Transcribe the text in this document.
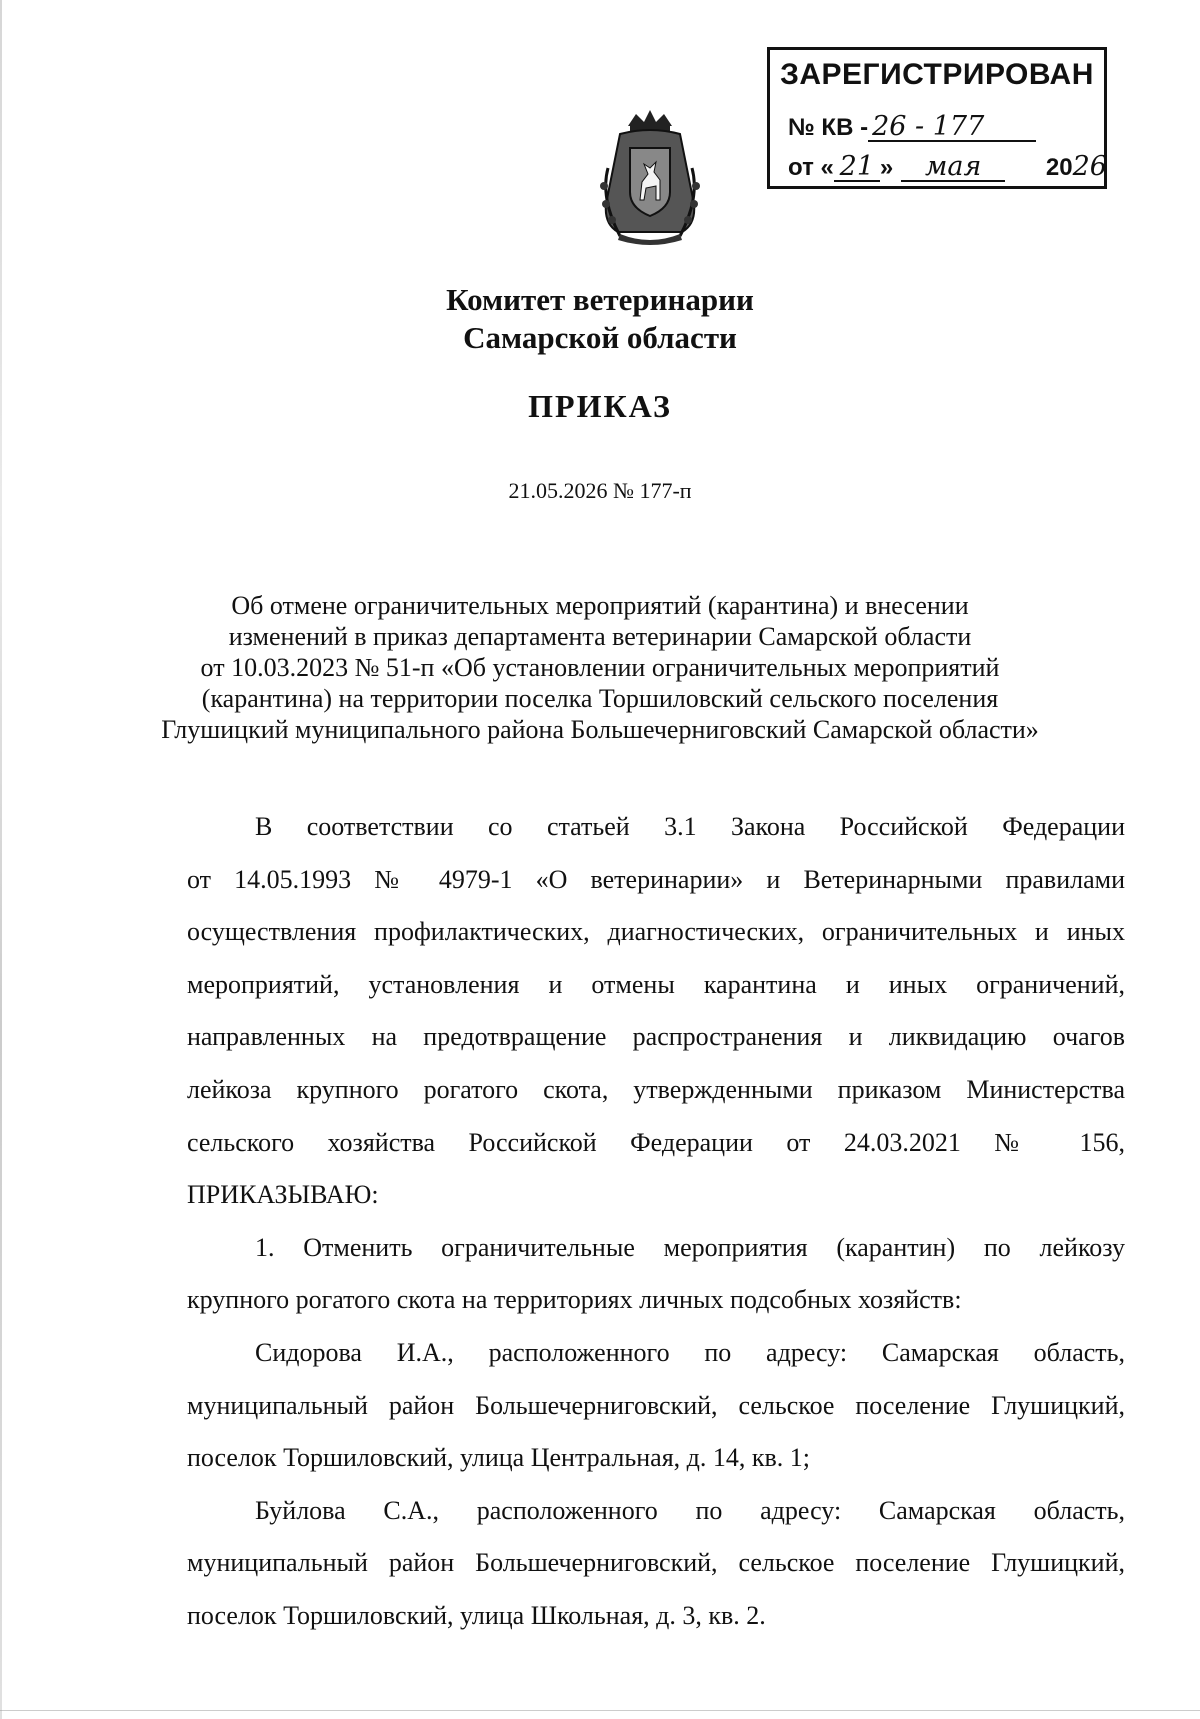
ЗАРЕГИСТРИРОВАН
№ КВ - 26 - 177
от « 21 » мая	2026
Комитет ветеринарии
Самарской области
ПРИКАЗ
21.05.2026 № 177-п
Об отмене ограничительных мероприятий (карантина) и внесении
изменений в приказ департамента ветеринарии Самарской области
от 10.03.2023 № 51-п «Об установлении ограничительных мероприятий
(карантина) на территории поселка Торшиловский сельского поселения
Глушицкий муниципального района Большечерниговский Самарской области»
В соответствии со статьей 3.1 Закона Российской Федерации
от 14.05.1993 № 4979-1 «О ветеринарии» и Ветеринарными правилами
осуществления профилактических, диагностических, ограничительных и иных
мероприятий, установления и отмены карантина и иных ограничений,
направленных на предотвращение распространения и ликвидацию очагов
лейкоза крупного рогатого скота, утвержденными приказом Министерства
сельского хозяйства Российской Федерации от 24.03.2021 № 156,
ПРИКАЗЫВАЮ:
1. Отменить ограничительные мероприятия (карантин) по лейкозу
крупного рогатого скота на территориях личных подсобных хозяйств:
Сидорова И.А., расположенного по адресу: Самарская область,
муниципальный район Большечерниговский, сельское поселение Глушицкий,
поселок Торшиловский, улица Центральная, д. 14, кв. 1;
Буйлова С.А., расположенного по адресу: Самарская область,
муниципальный район Большечерниговский, сельское поселение Глушицкий,
поселок Торшиловский, улица Школьная, д. 3, кв. 2.
